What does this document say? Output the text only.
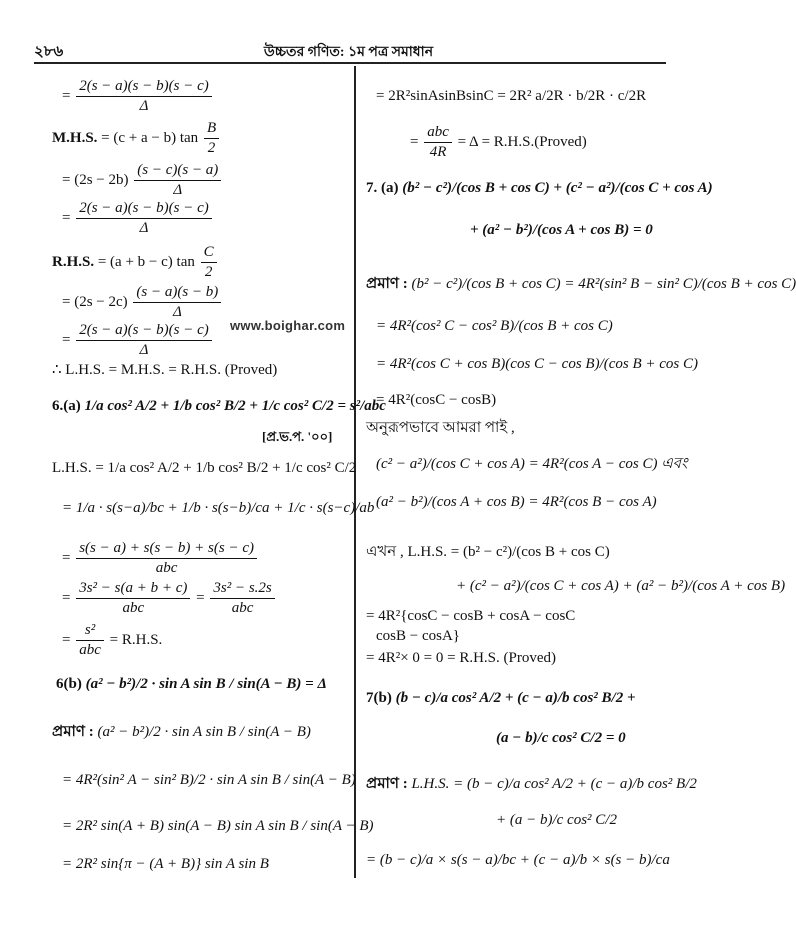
২৮৬	উচ্চতর গণিত: ১ম পত্র সমাধান
www.boighar.com
= $\frac{2(s - a)(s - b)(s - c)}{\Delta}$
M.H.S. = (c + a − b) $\tan \frac{B}{2}$
= $(2s - 2b) \frac{(s - c)(s - a)}{\Delta}$
= $\frac{2(s - a)(s - b)(s - c)}{\Delta}$
R.H.S. = (a + b − c) $\tan \frac{C}{2}$
= $(2s - 2c) \frac{(s - a)(s - b)}{\Delta}$
= $\frac{2(s - a)(s - b)(s - c)}{\Delta}$
∴ L.H.S. = M.H.S. = R.H.S. (Proved)
6.(a) 1/a cos² A/2 + 1/b cos² B/2 + 1/c cos² C/2 = s²/abc
[প্র.ভ.প. '০০]
L.H.S. = 1/a cos² A/2 + 1/b cos² B/2 + 1/c cos² C/2
= 1/a · s(s−a)/bc + 1/b · s(s−b)/ca + 1/c · s(s−c)/ab
= $\frac{s(s - a) + s(s - b) + s(s - c)}{\text{abc}}$
= $\frac{\text{3s² − s(a + b + c)}}{\text{abc}} = \frac{\text{3s² − s.2s}}{\text{abc}}$
= $\frac{\text{s²}}{\text{abc}} = R.H.S$.
6(b) (a² − b²)/2 · sin A sin B / sin(A − B) = Δ
প্রমাণ : (a² − b²)/2 · sin A sin B / sin(A − B)
= 4R²(sin² A − sin² B)/2 · sin A sin B / sin(A − B)
= 2R² sin(A + B) sin(A − B) sin A sin B / sin(A − B)
= 2R² sin{π − (A + B)} sin A sin B
= 2R²sinAsinBsinC = 2R² a/2R · b/2R · c/2R
= $\frac{\text{abc}}{4R} = \Delta$ = R.H.S.(Proved)
7. (a) (b² − c²)/(cos B + cos C) + (c² − a²)/(cos C + cos A)
+ (a² − b²)/(cos A + cos B) = 0
প্রমাণ : (b² − c²)/(cos B + cos C) = 4R²(sin² B − sin² C)/(cos B + cos C)
= 4R²(cos² C − cos² B)/(cos B + cos C)
= 4R²(cos C + cos B)(cos C − cos B)/(cos B + cos C)
= 4R²(cosC − cosB)
অনুরূপভাবে আমরা পাই ,
(c² − a²)/(cos C + cos A) = 4R²(cos A − cos C) এবং
(a² − b²)/(cos A + cos B) = 4R²(cos B − cos A)
এখন , L.H.S. = (b² − c²)/(cos B + cos C)
+ (c² − a²)/(cos C + cos A) + (a² − b²)/(cos A + cos B)
= 4R²{cosC − cosB + cosA − cosC
cosB − cosA}
= 4R²× 0 = 0 = R.H.S. (Proved)
7(b) (b − c)/a cos² A/2 + (c − a)/b cos² B/2 +
(a − b)/c cos² C/2 = 0
প্রমাণ : L.H.S. = (b − c)/a cos² A/2 + (c − a)/b cos² B/2
+ (a − b)/c cos² C/2
= (b − c)/a × s(s − a)/bc + (c − a)/b × s(s − b)/ca
